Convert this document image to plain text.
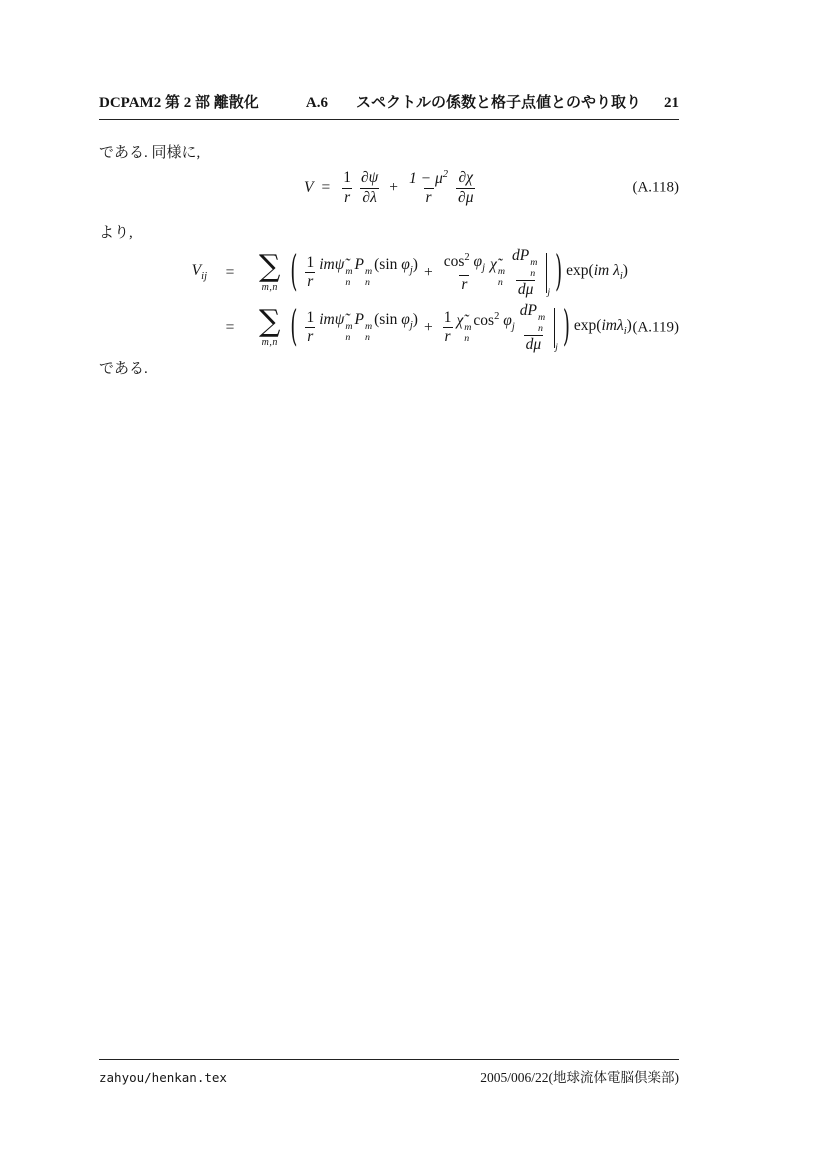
DCPAM2 第 2 部 離散化	A.6 スペクトルの係数と格子点値とのやり取り 21
である. 同様に,
$V = \frac{1}{r} \partial\psi$
∂λ
+ $\frac{1 - \mu^2}{r} \partial\chi$
∂μ
(A.118)
より,
$V_{ij}$	= ∑
m,n ( 1
r
imψ̃ m
n
P m
n
(sin $\varphi_j) + \frac{\cos^2 \varphi_j}{r}$ χ̃ m
n
dP m
n
dμ j ) exp(im $\lambda_i$)
= ∑
m,n ( 1
r
imψ̃ m
n
P m
n
(sin $\varphi_j) + \frac{1}{r}$ χ̃ m
n
$\cos^2 \varphi_j$
dP m
n
dμ j ) exp(imλ$_i$) (A.119)
である.
zahyou/henkan.tex	2005/006/22(地球流体電脳倶楽部)
